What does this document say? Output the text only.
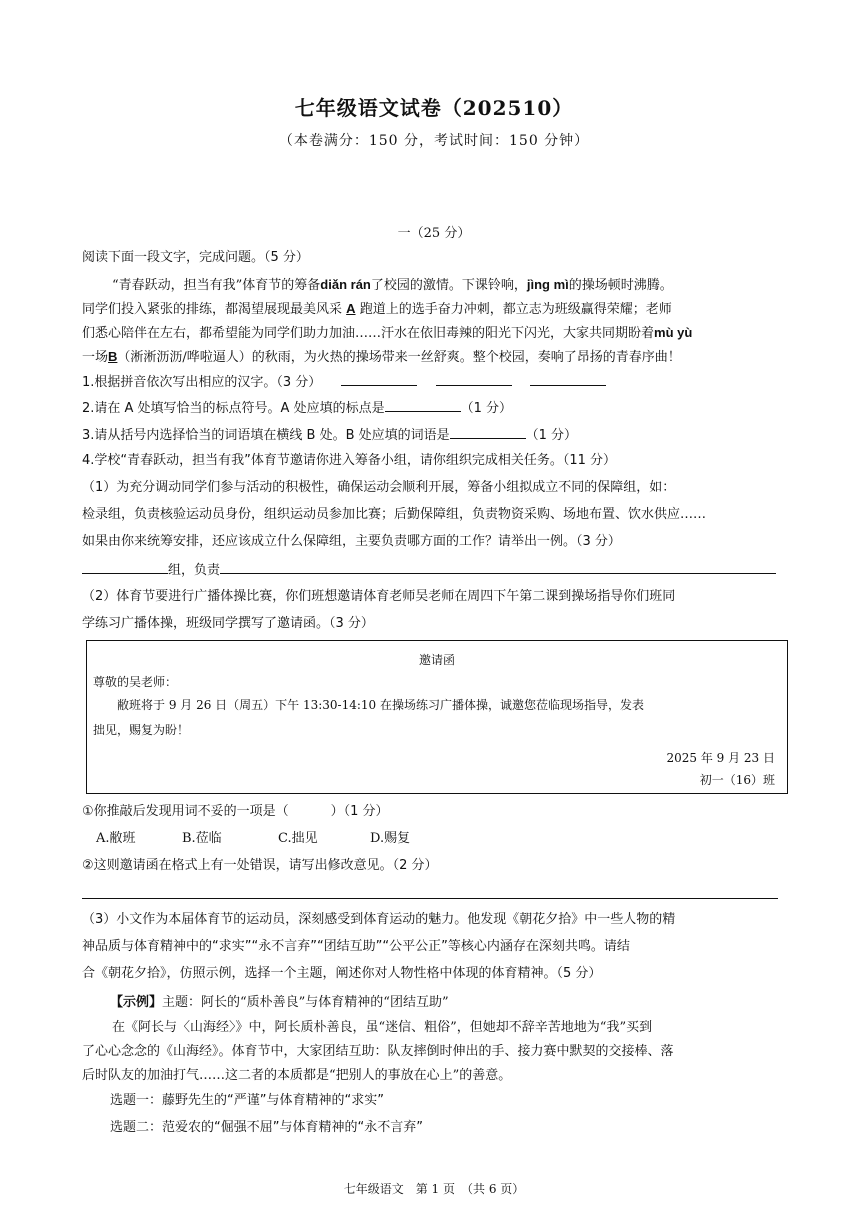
七年级语文试卷（202510）
（本卷满分：150 分，考试时间：150 分钟）
一（25 分）
阅读下面一段文字，完成问题。（5 分）
“青春跃动，担当有我”体育节的筹备diǎn rán了校园的激情。下课铃响，jìng mì的操场顿时沸腾。
同学们投入紧张的排练，都渴望展现最美风采 A 跑道上的选手奋力冲刺，都立志为班级赢得荣耀；老师
们悉心陪伴在左右，都希望能为同学们助力加油……汗水在依旧毒辣的阳光下闪光，大家共同期盼着mù yù
一场B（淅淅沥沥/哗啦逼人）的秋雨，为火热的操场带来一丝舒爽。整个校园，奏响了昂扬的青春序曲！
1.根据拼音依次写出相应的汉字。（3 分）
2.请在 A 处填写恰当的标点符号。A 处应填的标点是	（1 分）
3.请从括号内选择恰当的词语填在横线 B 处。B 处应填的词语是	（1 分）
4.学校“青春跃动，担当有我”体育节邀请你进入筹备小组，请你组织完成相关任务。（11 分）
（1）为充分调动同学们参与活动的积极性，确保运动会顺利开展，筹备小组拟成立不同的保障组，如：
检录组，负责核验运动员身份，组织运动员参加比赛；后勤保障组，负责物资采购、场地布置、饮水供应……
如果由你来统筹安排，还应该成立什么保障组，主要负责哪方面的工作？请举出一例。（3 分）
组，负责
（2）体育节要进行广播体操比赛，你们班想邀请体育老师吴老师在周四下午第二课到操场指导你们班同
学练习广播体操，班级同学撰写了邀请函。（3 分）
邀请函
尊敬的吴老师：
敝班将于 9 月 26 日（周五）下午 13:30-14:10 在操场练习广播体操，诚邀您莅临现场指导，发表
拙见，赐复为盼！
2025 年 9 月 23 日
初一（16）班
①你推敲后发现用词不妥的一项是（	）（1 分）
A.敝班	B.莅临	C.拙见	D.赐复
②这则邀请函在格式上有一处错误，请写出修改意见。（2 分）
（3）小文作为本届体育节的运动员，深刻感受到体育运动的魅力。他发现《朝花夕拾》中一些人物的精
神品质与体育精神中的“求实”“永不言弃”“团结互助”“公平公正”等核心内涵存在深刻共鸣。请结
合《朝花夕拾》，仿照示例，选择一个主题，阐述你对人物性格中体现的体育精神。（5 分）
【示例】主题：阿长的“质朴善良”与体育精神的“团结互助”
在《阿长与〈山海经〉》中，阿长质朴善良，虽“迷信、粗俗”，但她却不辞辛苦地地为“我”买到
了心心念念的《山海经》。体育节中，大家团结互助：队友摔倒时伸出的手、接力赛中默契的交接棒、落
后时队友的加油打气……这二者的本质都是“把别人的事放在心上”的善意。
选题一：藤野先生的“严谨”与体育精神的“求实”
选题二：范爱农的“倔强不屈”与体育精神的“永不言弃”
七年级语文　第 1 页　（共 6 页）
